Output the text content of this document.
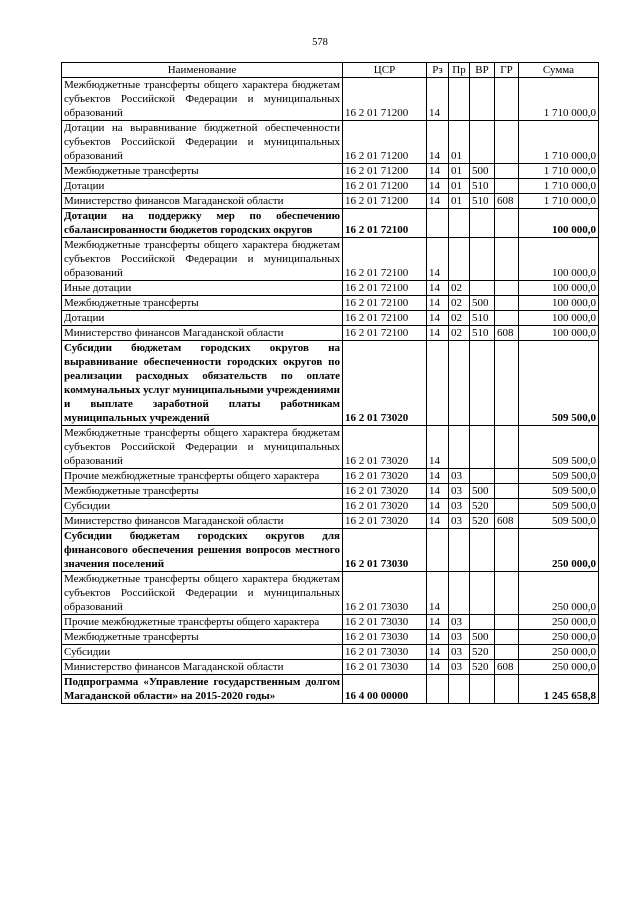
578
Наименование	ЦСР	Рз	Пр	ВР	ГР	Сумма
Межбюджетные трансферты общего характера бюджетам субъектов Российской Федерации и муниципальных образований	16 2 01 71200	14				1 710 000,0
Дотации на выравнивание бюджетной обеспеченности субъектов Российской Федерации и муниципальных образований	16 2 01 71200	14	01			1 710 000,0
Межбюджетные трансферты	16 2 01 71200	14	01	500		1 710 000,0
Дотации	16 2 01 71200	14	01	510		1 710 000,0
Министерство финансов Магаданской области	16 2 01 71200	14	01	510	608	1 710 000,0
Дотации на поддержку мер по обеспечению сбалансированности бюджетов городских округов	16 2 01 72100					100 000,0
Межбюджетные трансферты общего характера бюджетам субъектов Российской Федерации и муниципальных образований	16 2 01 72100	14				100 000,0
Иные дотации	16 2 01 72100	14	02			100 000,0
Межбюджетные трансферты	16 2 01 72100	14	02	500		100 000,0
Дотации	16 2 01 72100	14	02	510		100 000,0
Министерство финансов Магаданской области	16 2 01 72100	14	02	510	608	100 000,0
Субсидии бюджетам городских округов на выравнивание обеспеченности городских округов по реализации расходных обязательств по оплате коммунальных услуг муниципальными учреждениями и выплате заработной платы работникам муниципальных учреждений	16 2 01 73020					509 500,0
Межбюджетные трансферты общего характера бюджетам субъектов Российской Федерации и муниципальных образований	16 2 01 73020	14				509 500,0
Прочие межбюджетные трансферты общего характера	16 2 01 73020	14	03			509 500,0
Межбюджетные трансферты	16 2 01 73020	14	03	500		509 500,0
Субсидии	16 2 01 73020	14	03	520		509 500,0
Министерство финансов Магаданской области	16 2 01 73020	14	03	520	608	509 500,0
Субсидии бюджетам городских округов для финансового обеспечения решения вопросов местного значения поселений	16 2 01 73030					250 000,0
Межбюджетные трансферты общего характера бюджетам субъектов Российской Федерации и муниципальных образований	16 2 01 73030	14				250 000,0
Прочие межбюджетные трансферты общего характера	16 2 01 73030	14	03			250 000,0
Межбюджетные трансферты	16 2 01 73030	14	03	500		250 000,0
Субсидии	16 2 01 73030	14	03	520		250 000,0
Министерство финансов Магаданской области	16 2 01 73030	14	03	520	608	250 000,0
Подпрограмма «Управление государственным долгом Магаданской области» на 2015-2020 годы»	16 4 00 00000					1 245 658,8
